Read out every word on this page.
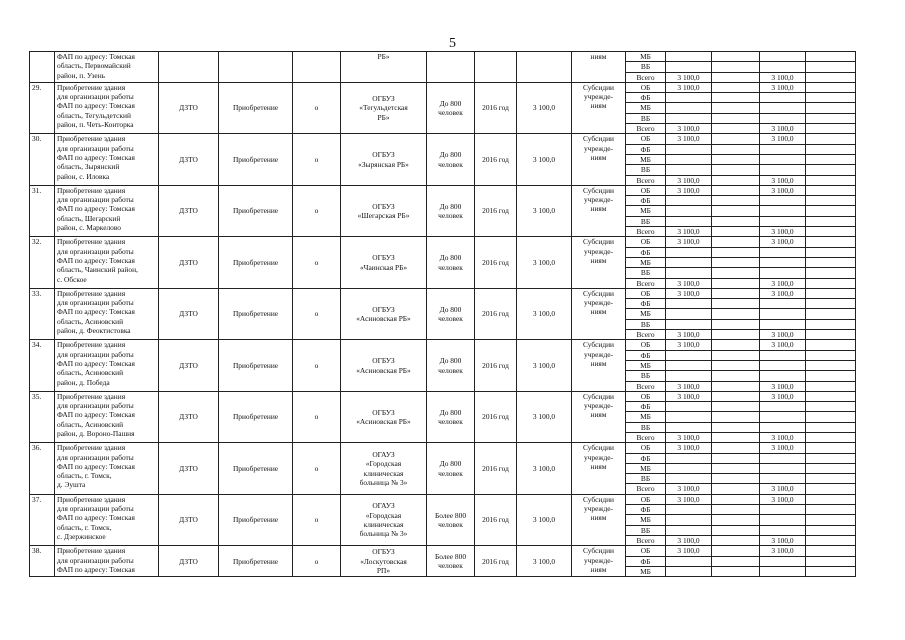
5
	ФАП по адресу: Томская
область, Первомайский
район, п. Узень				РБ»				ниям	МБ				
										ВБ				
										Всего	3 100,0		3 100,0	
29.	Приобретение здания
для организации работы
ФАП по адресу: Томская
область, Тегульдетский
район, п. Четь-Конторка	ДЗТО	Приобретение	о	ОГБУЗ
«Тегульдетская
РБ»	До 800
человек	2016 год	3 100,0	Субсидии
учрежде-
ниям	ОБ	3 100,0		3 100,0	
										ФБ				
										МБ				
										ВБ				
										Всего	3 100,0		3 100,0	
30.	Приобретение здания
для организации работы
ФАП по адресу: Томская
область, Зырянский
район, с. Иловка	ДЗТО	Приобретение	о	ОГБУЗ
«Зырянская РБ»	До 800
человек	2016 год	3 100,0	Субсидии
учрежде-
ниям	ОБ	3 100,0		3 100,0	
										ФБ				
										МБ				
										ВБ				
										Всего	3 100,0		3 100,0	
31.	Приобретение здания
для организации работы
ФАП по адресу: Томская
область, Шегарский
район, с. Маркелово	ДЗТО	Приобретение	о	ОГБУЗ
«Шегарская РБ»	До 800
человек	2016 год	3 100,0	Субсидии
учрежде-
ниям	ОБ	3 100,0		3 100,0	
										ФБ				
										МБ				
										ВБ				
										Всего	3 100,0		3 100,0	
32.	Приобретение здания
для организации работы
ФАП по адресу: Томская
область, Чаинский район,
с. Обское	ДЗТО	Приобретение	о	ОГБУЗ
«Чаинская РБ»	До 800
человек	2016 год	3 100,0	Субсидии
учрежде-
ниям	ОБ	3 100,0		3 100,0	
										ФБ				
										МБ				
										ВБ				
										Всего	3 100,0		3 100,0	
33.	Приобретение здания
для организации работы
ФАП по адресу: Томская
область, Асиновский
район, д. Феоктистовка	ДЗТО	Приобретение	о	ОГБУЗ
«Асиновская РБ»	До 800
человек	2016 год	3 100,0	Субсидии
учрежде-
ниям	ОБ	3 100,0		3 100,0	
										ФБ				
										МБ				
										ВБ				
										Всего	3 100,0		3 100,0	
34.	Приобретение здания
для организации работы
ФАП по адресу: Томская
область, Асиновский
район, д. Победа	ДЗТО	Приобретение	о	ОГБУЗ
«Асиновская РБ»	До 800
человек	2016 год	3 100,0	Субсидии
учрежде-
ниям	ОБ	3 100,0		3 100,0	
										ФБ				
										МБ				
										ВБ				
										Всего	3 100,0		3 100,0	
35.	Приобретение здания
для организации работы
ФАП по адресу: Томская
область, Асиновский
район, д. Вороно-Пашня	ДЗТО	Приобретение	о	ОГБУЗ
«Асиновская РБ»	До 800
человек	2016 год	3 100,0	Субсидии
учрежде-
ниям	ОБ	3 100,0		3 100,0	
										ФБ				
										МБ				
										ВБ				
										Всего	3 100,0		3 100,0	
36.	Приобретение здания
для организации работы
ФАП по адресу: Томская
область, г. Томск,
д. Эушта	ДЗТО	Приобретение	о	ОГАУЗ
«Городская
клиническая
больница № 3»	До 800
человек	2016 год	3 100,0	Субсидии
учрежде-
ниям	ОБ	3 100,0		3 100,0	
										ФБ				
										МБ				
										ВБ				
										Всего	3 100,0		3 100,0	
37.	Приобретение здания
для организации работы
ФАП по адресу: Томская
область, г. Томск,
с. Дзержинское	ДЗТО	Приобретение	о	ОГАУЗ
«Городская
клиническая
больница № 3»	Более 800
человек	2016 год	3 100,0	Субсидии
учрежде-
ниям	ОБ	3 100,0		3 100,0	
										ФБ				
										МБ				
										ВБ				
										Всего	3 100,0		3 100,0	
38.	Приобретение здания
для организации работы
ФАП по адресу: Томская	ДЗТО	Приобретение	о	ОГБУЗ
«Лоскутовская
РП»	Более 800
человек	2016 год	3 100,0	Субсидии
учрежде-
ниям	ОБ	3 100,0		3 100,0	
										ФБ				
										МБ				
